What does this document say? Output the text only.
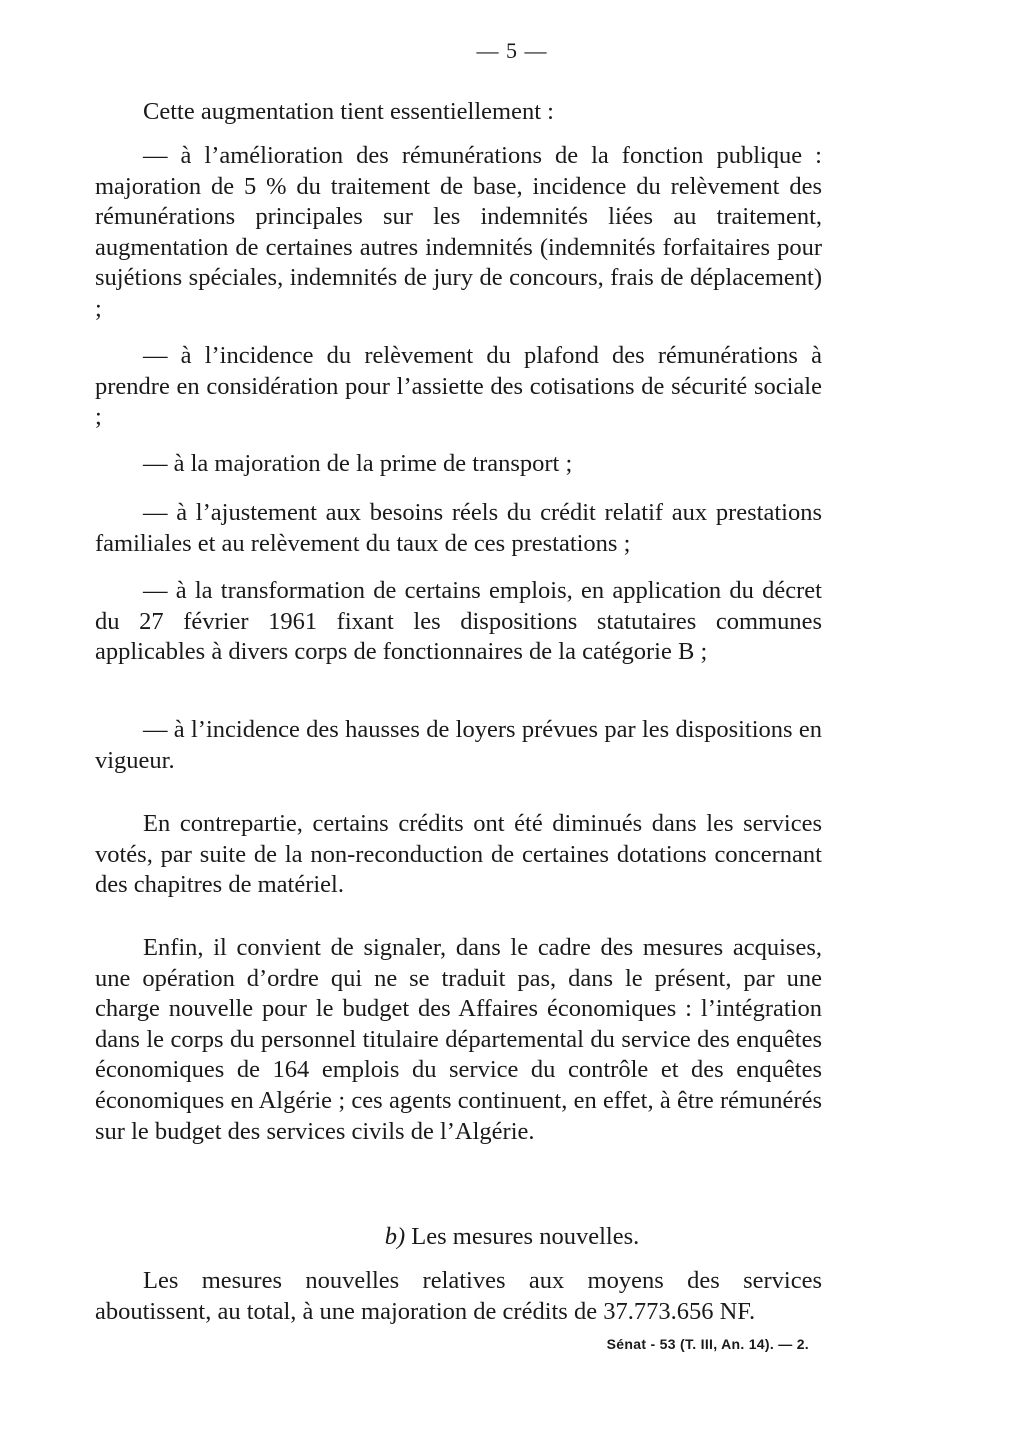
— 5 —

Cette augmentation tient essentiellement :

— à l’amélioration des rémunérations de la fonction publique : majoration de 5 % du traitement de base, incidence du relèvement des rémunérations principales sur les indemnités liées au traitement, augmentation de certaines autres indemnités (indemnités forfaitaires pour sujétions spéciales, indemnités de jury de concours, frais de déplacement) ;

— à l’incidence du relèvement du plafond des rémunérations à prendre en considération pour l’assiette des cotisations de sécurité sociale ;

— à la majoration de la prime de transport ;

— à l’ajustement aux besoins réels du crédit relatif aux prestations familiales et au relèvement du taux de ces prestations ;

— à la transformation de certains emplois, en application du décret du 27 février 1961 fixant les dispositions statutaires communes applicables à divers corps de fonctionnaires de la catégorie B ;

— à l’incidence des hausses de loyers prévues par les dispositions en vigueur.

En contrepartie, certains crédits ont été diminués dans les services votés, par suite de la non-reconduction de certaines dotations concernant des chapitres de matériel.

Enfin, il convient de signaler, dans le cadre des mesures acquises, une opération d’ordre qui ne se traduit pas, dans le présent, par une charge nouvelle pour le budget des Affaires économiques : l’intégration dans le corps du personnel titulaire départemental du service des enquêtes économiques de 164 emplois du service du contrôle et des enquêtes économiques en Algérie ; ces agents continuent, en effet, à être rémunérés sur le budget des services civils de l’Algérie.

b) Les mesures nouvelles.

Les mesures nouvelles relatives aux moyens des services aboutissent, au total, à une majoration de crédits de 37.773.656 NF.

Sénat - 53 (T. III, An. 14). — 2.
